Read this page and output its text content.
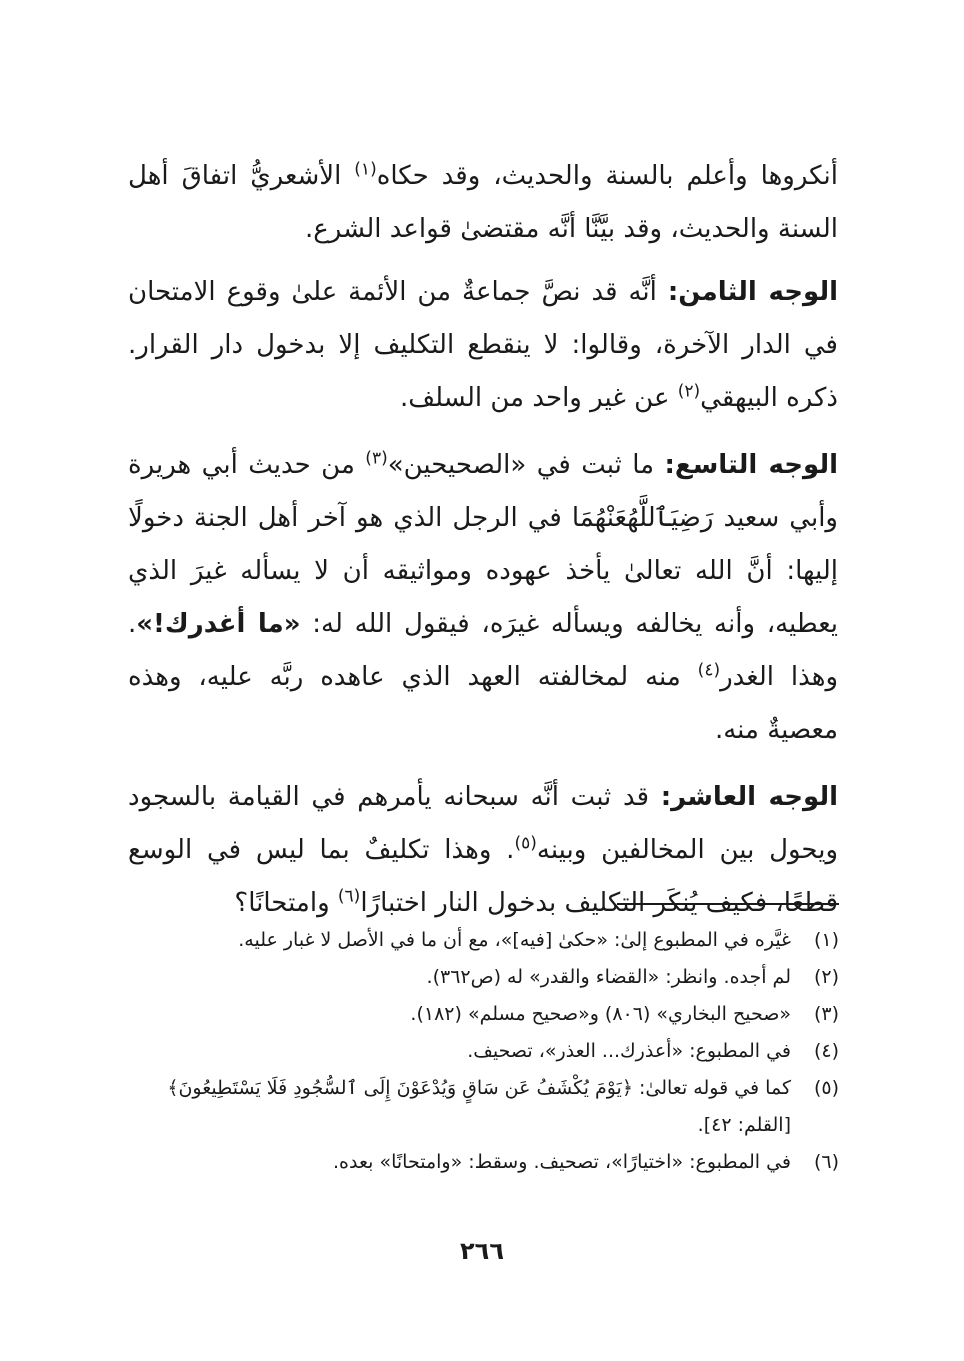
أنكروها وأعلم بالسنة والحديث، وقد حكاه$^{(١)}$ الأشعريُّ اتفاقَ أهل السنة والحديث، وقد بيَّنَّا أنَّه مقتضىٰ قواعد الشرع.

الوجه الثامن: أنَّه قد نصَّ جماعةٌ من الأئمة علىٰ وقوع الامتحان في الدار الآخرة، وقالوا: لا ينقطع التكليف إلا بدخول دار القرار. ذكره البيهقي$^{(٢)}$ عن غير واحد من السلف.

الوجه التاسع: ما ثبت في «الصحيحين»$^{(٣)}$ من حديث أبي هريرة وأبي سعيد رَضِيَٱللَّهُعَنْهُمَا في الرجل الذي هو آخر أهل الجنة دخولًا إليها: أنَّ الله تعالىٰ يأخذ عهوده ومواثيقه أن لا يسأله غيرَ الذي يعطيه، وأنه يخالفه ويسأله غيرَه، فيقول الله له: «ما أغدرك!». وهذا الغدر$^{(٤)}$ منه لمخالفته العهد الذي عاهده ربَّه عليه، وهذه معصيةٌ منه.

الوجه العاشر: قد ثبت أنَّه سبحانه يأمرهم في القيامة بالسجود ويحول بين المخالفين وبينه$^{(٥)}$. وهذا تكليفٌ بما ليس في الوسع قطعًا، فكيف يُنكَر التكليف بدخول النار اختبارًا$^{(٦)}$ وامتحانًا؟

(١)
غيَّره في المطبوع إلىٰ: «حكىٰ [فيه]»، مع أن ما في الأصل لا غبار عليه.
(٢)
لم أجده. وانظر: «القضاء والقدر» له (ص٣٦٢).
(٣)
«صحيح البخاري» (٨٠٦) و«صحيح مسلم» (١٨٢).
(٤)
في المطبوع: «أعذرك... العذر»، تصحيف.
(٥)
كما في قوله تعالىٰ: ﴿يَوْمَ يُكْشَفُ عَن سَاقٍ وَيُدْعَوْنَ إِلَى ٱلسُّجُودِ فَلَا يَسْتَطِيعُونَ﴾ [القلم: ٤٢].
(٦)
في المطبوع: «اختيارًا»، تصحيف. وسقط: «وامتحانًا» بعده.
٢٦٦
